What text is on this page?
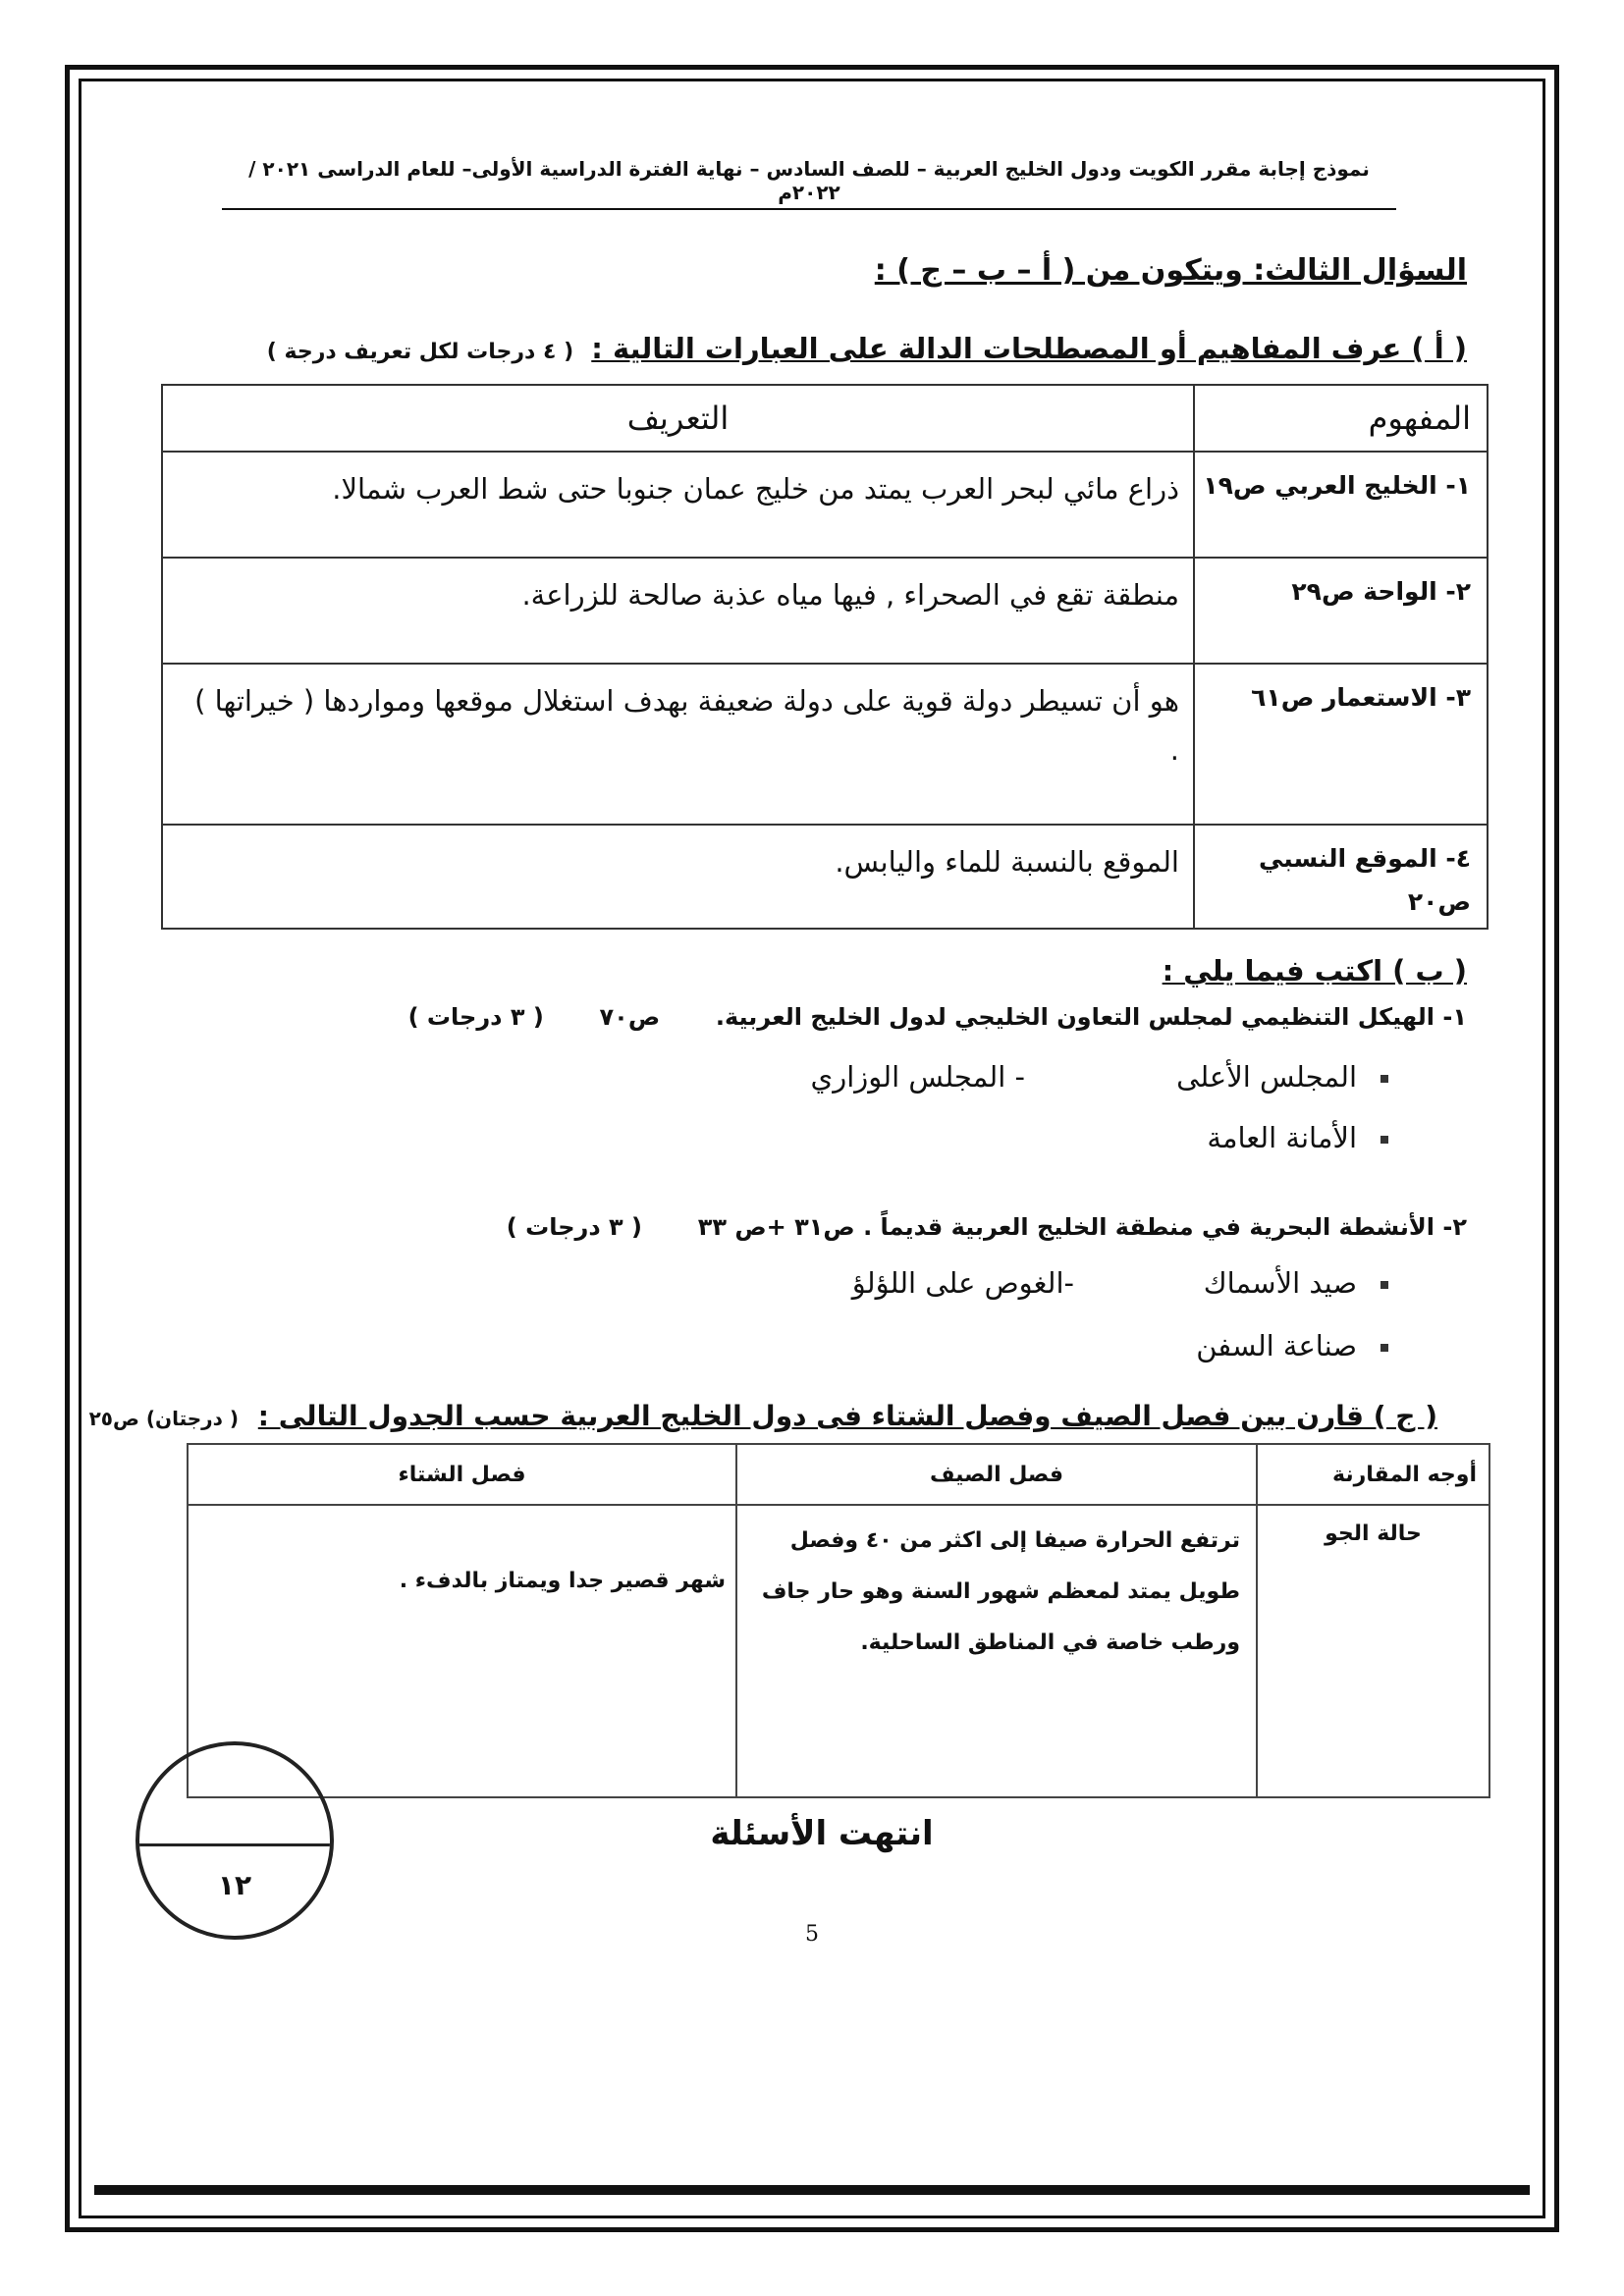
نموذج إجابة مقرر الكويت ودول الخليج العربية – للصف السادس – نهاية الفترة الدراسية الأولى– للعام الدراسى ٢٠٢١ / ٢٠٢٢م
السؤال الثالث: ويتكون من ( أ – ب – ج ) :
( أ ) عرف المفاهيم أو المصطلحات الدالة على العبارات التالية : ( ٤ درجات لكل تعريف درجة )
المفهوم	التعريف
١- الخليج العربي ص١٩	ذراع مائي لبحر العرب يمتد من خليج عمان جنوبا حتى شط العرب شمالا.
٢- الواحة ص٢٩	منطقة تقع في الصحراء , فيها مياه عذبة صالحة للزراعة.
٣- الاستعمار ص٦١	هو أن تسيطر دولة قوية على دولة ضعيفة بهدف استغلال موقعها ومواردها ( خيراتها ) .
٤- الموقع النسبي ص٢٠	الموقع بالنسبة للماء واليابس.
( ب ) اكتب فيما يلي :
١- الهيكل التنظيمي لمجلس التعاون الخليجي لدول الخليج العربية.  ص٧٠  ( ٣ درجات )
المجلس الأعلى
- المجلس الوزاري
الأمانة العامة
٢- الأنشطة البحرية في منطقة الخليج العربية قديماً . ص٣١ +ص ٣٣  ( ٣ درجات )
صيد الأسماك
-الغوص على اللؤلؤ
صناعة السفن
( ج ) قارن بين فصل الصيف وفصل الشتاء فى دول الخليج العربية حسب الجدول التالى : ( درجتان) ص٢٥
أوجه المقارنة	فصل الصيف	فصل الشتاء
حالة الجو	ترتفع الحرارة صيفا إلى اكثر من ٤٠ وفصل طويل يمتد لمعظم شهور السنة وهو حار جاف ورطب خاصة في المناطق الساحلية.	شهر قصير جدا ويمتاز بالدفء .
١٢
انتهت الأسئلة
5
